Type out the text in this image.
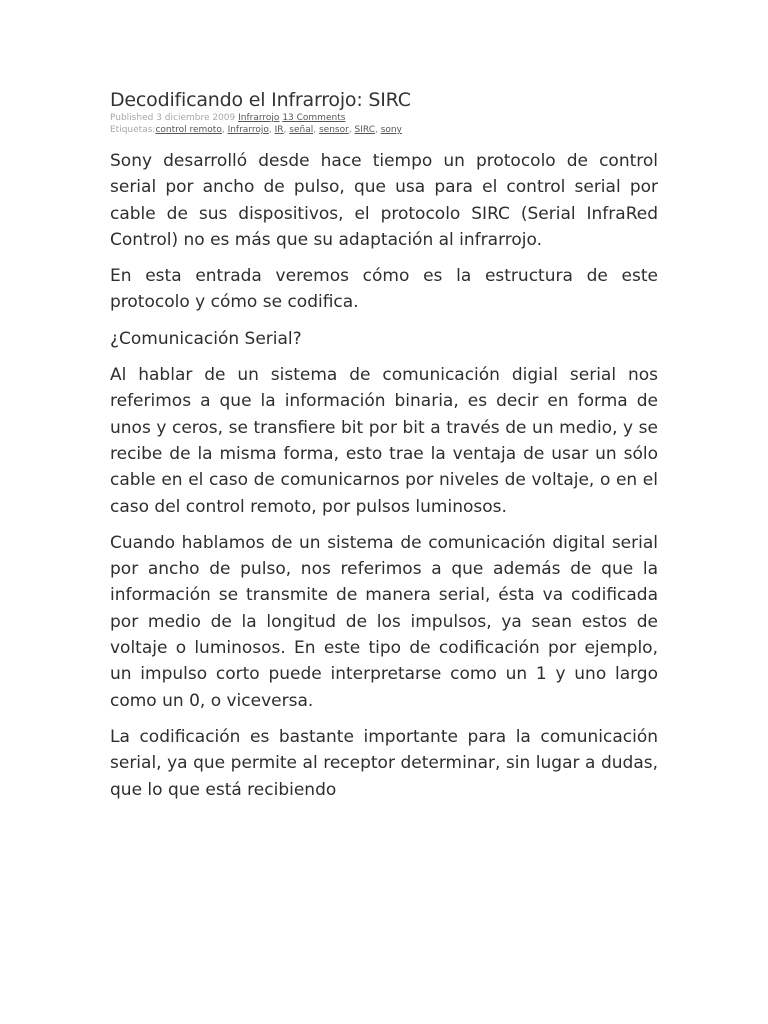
Decodificando el Infrarrojo: SIRC
Published 3 diciembre 2009 Infrarrojo 13 Comments
Etiquetas:control remoto, Infrarrojo, IR, señal, sensor, SIRC, sony

Sony desarrolló desde hace tiempo un protocolo de control serial por ancho de pulso, que usa para el control serial por cable de sus dispositivos, el protocolo SIRC (Serial InfraRed Control) no es más que su adaptación al infrarrojo.

En esta entrada veremos cómo es la estructura de este protocolo y cómo se codifica.

¿Comunicación Serial?

Al hablar de un sistema de comunicación digial serial nos referimos a que la información binaria, es decir en forma de unos y ceros, se transfiere bit por bit a través de un medio, y se recibe de la misma forma, esto trae la ventaja de usar un sólo cable en el caso de comunicarnos por niveles de voltaje, o en el caso del control remoto, por pulsos luminosos.

Cuando hablamos de un sistema de comunicación digital serial por ancho de pulso, nos referimos a que además de que la información se transmite de manera serial, ésta va codificada por medio de la longitud de los impulsos, ya sean estos de voltaje o luminosos. En este tipo de codificación por ejemplo, un impulso corto puede interpretarse como un 1 y uno largo como un 0, o viceversa.

La codificación es bastante importante para la comunicación serial, ya que permite al receptor determinar, sin lugar a dudas, que lo que está recibiendo
